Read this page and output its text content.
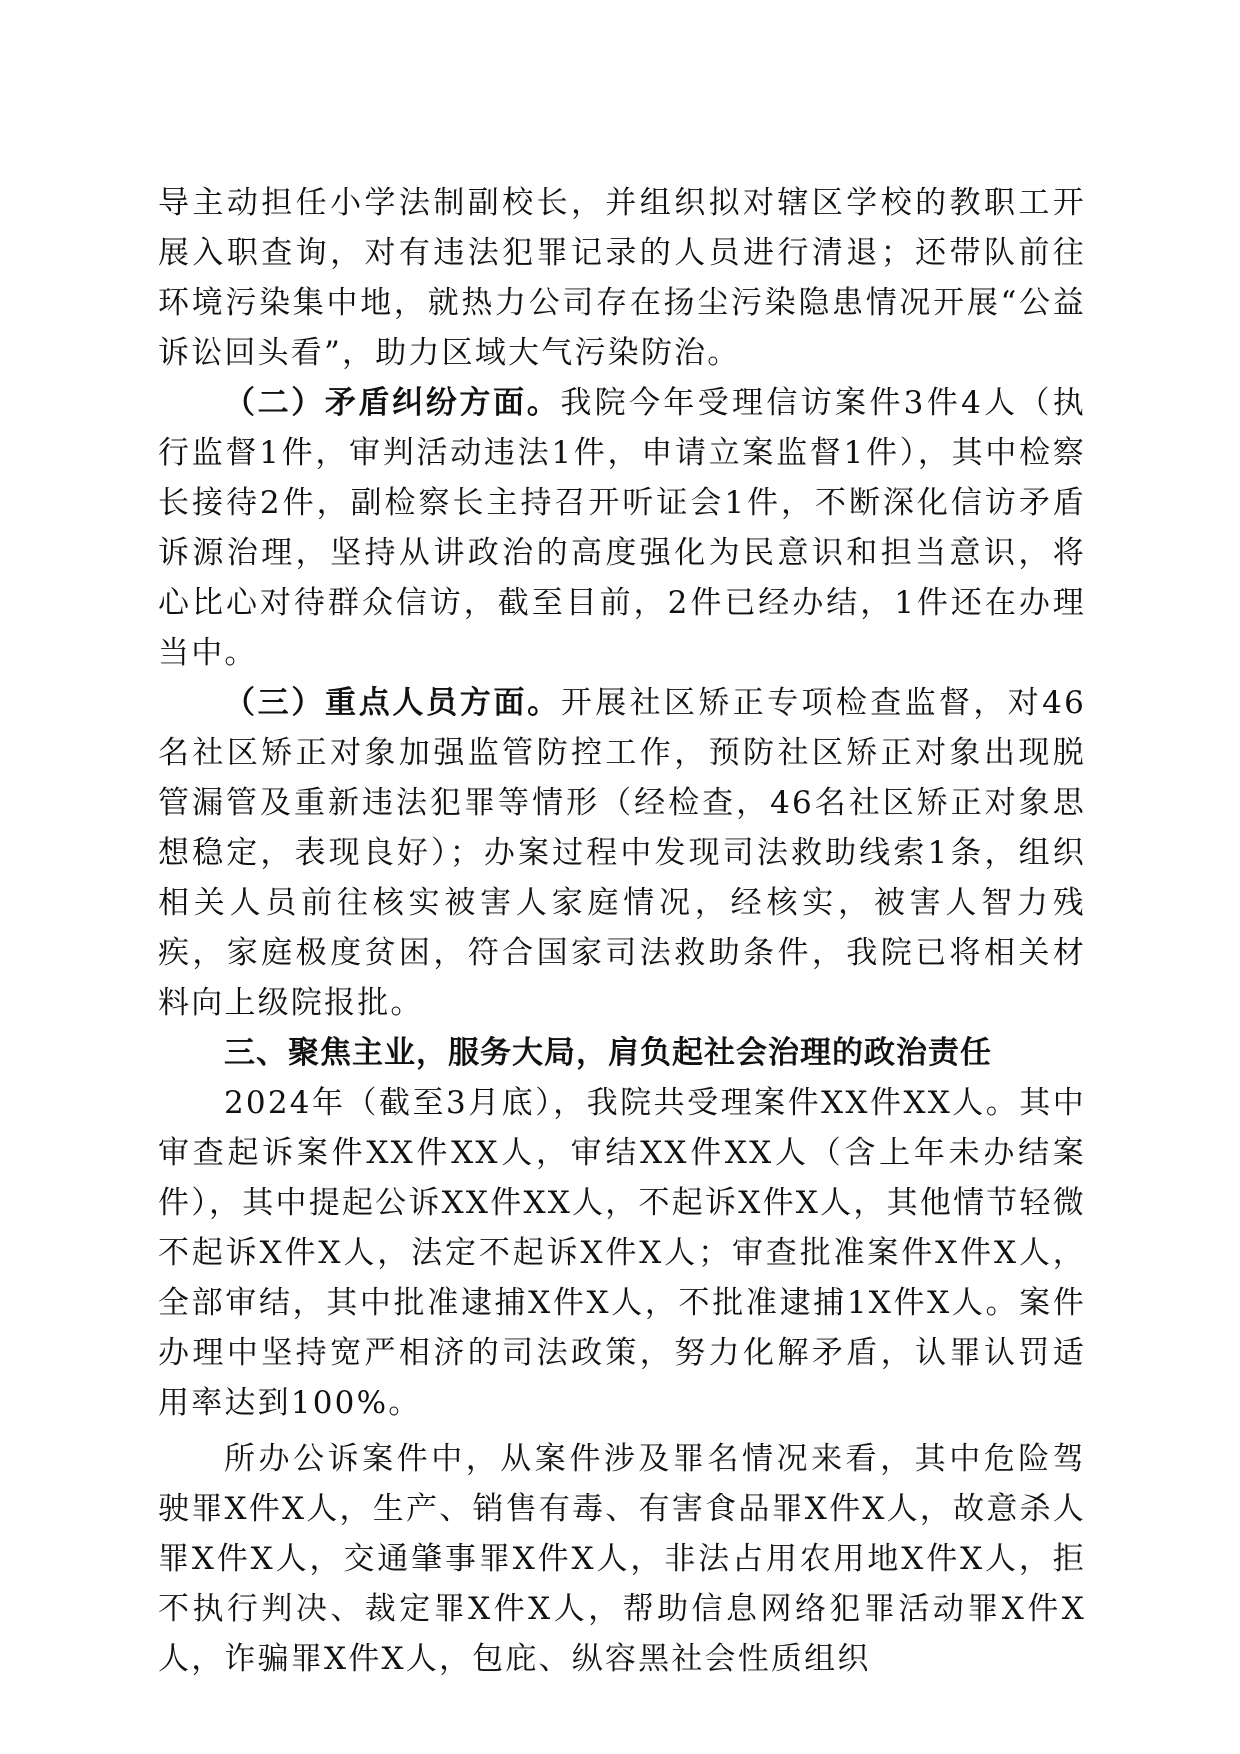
导主动担任小学法制副校长，并组织拟对辖区学校的教职工开展入职查询，对有违法犯罪记录的人员进行清退；还带队前往环境污染集中地，就热力公司存在扬尘污染隐患情况开展“公益诉讼回头看”，助力区域大气污染防治。

（二）矛盾纠纷方面。我院今年受理信访案件3件4人（执行监督1件，审判活动违法1件，申请立案监督1件），其中检察长接待2件，副检察长主持召开听证会1件，不断深化信访矛盾诉源治理，坚持从讲政治的高度强化为民意识和担当意识，将心比心对待群众信访，截至目前，2件已经办结，1件还在办理当中。

（三）重点人员方面。开展社区矫正专项检查监督，对46名社区矫正对象加强监管防控工作，预防社区矫正对象出现脱管漏管及重新违法犯罪等情形（经检查，46名社区矫正对象思想稳定，表现良好）；办案过程中发现司法救助线索1条，组织相关人员前往核实被害人家庭情况，经核实，被害人智力残疾，家庭极度贫困，符合国家司法救助条件，我院已将相关材料向上级院报批。

三、聚焦主业，服务大局，肩负起社会治理的政治责任

2024年（截至3月底），我院共受理案件XX件XX人。其中审查起诉案件XX件XX人，审结XX件XX人（含上年未办结案件），其中提起公诉XX件XX人，不起诉X件X人，其他情节轻微不起诉X件X人，法定不起诉X件X人；审查批准案件X件X人，全部审结，其中批准逮捕X件X人，不批准逮捕1X件X人。案件办理中坚持宽严相济的司法政策，努力化解矛盾，认罪认罚适用率达到100%。

所办公诉案件中，从案件涉及罪名情况来看，其中危险驾驶罪X件X人，生产、销售有毒、有害食品罪X件X人，故意杀人罪X件X人，交通肇事罪X件X人，非法占用农用地X件X人，拒不执行判决、裁定罪X件X人，帮助信息网络犯罪活动罪X件X人，诈骗罪X件X人，包庇、纵容黑社会性质组织
